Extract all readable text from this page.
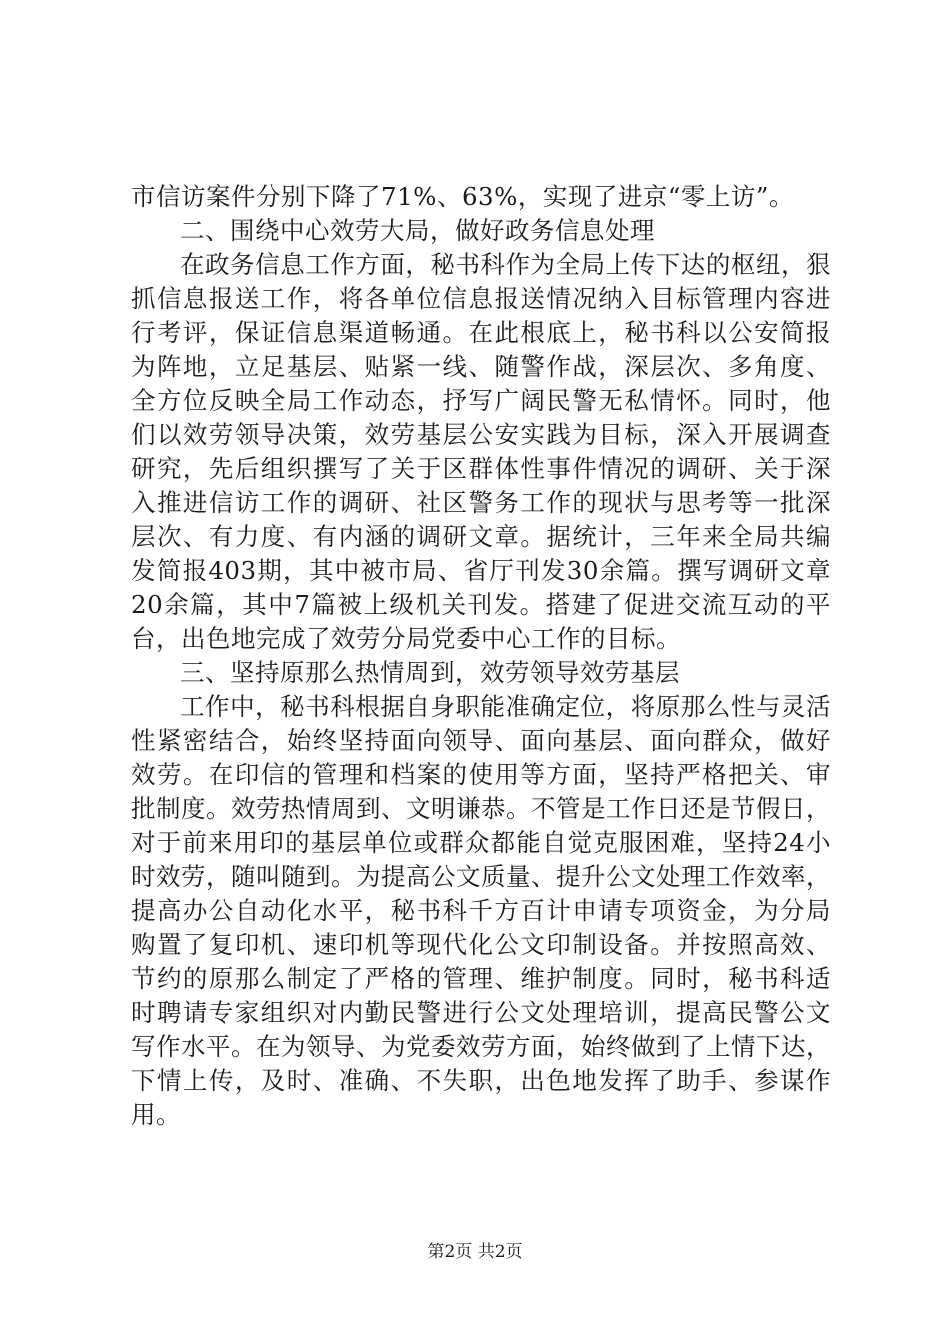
市信访案件分别下降了71%、63%，实现了进京“零上访”。
二、围绕中心效劳大局，做好政务信息处理
在政务信息工作方面，秘书科作为全局上传下达的枢纽，狠
抓信息报送工作，将各单位信息报送情况纳入目标管理内容进
行考评，保证信息渠道畅通。在此根底上，秘书科以公安简报
为阵地，立足基层、贴紧一线、随警作战，深层次、多角度、
全方位反映全局工作动态，抒写广阔民警无私情怀。同时，他
们以效劳领导决策，效劳基层公安实践为目标，深入开展调查
研究，先后组织撰写了关于区群体性事件情况的调研、关于深
入推进信访工作的调研、社区警务工作的现状与思考等一批深
层次、有力度、有内涵的调研文章。据统计，三年来全局共编
发简报403期，其中被市局、省厅刊发30余篇。撰写调研文章
20余篇，其中7篇被上级机关刊发。搭建了促进交流互动的平
台，出色地完成了效劳分局党委中心工作的目标。
三、坚持原那么热情周到，效劳领导效劳基层
工作中，秘书科根据自身职能准确定位，将原那么性与灵活
性紧密结合，始终坚持面向领导、面向基层、面向群众，做好
效劳。在印信的管理和档案的使用等方面，坚持严格把关、审
批制度。效劳热情周到、文明谦恭。不管是工作日还是节假日，
对于前来用印的基层单位或群众都能自觉克服困难，坚持24小
时效劳，随叫随到。为提高公文质量、提升公文处理工作效率，
提高办公自动化水平，秘书科千方百计申请专项资金，为分局
购置了复印机、速印机等现代化公文印制设备。并按照高效、
节约的原那么制定了严格的管理、维护制度。同时，秘书科适
时聘请专家组织对内勤民警进行公文处理培训，提高民警公文
写作水平。在为领导、为党委效劳方面，始终做到了上情下达，
下情上传，及时、准确、不失职，出色地发挥了助手、参谋作
用。
第2页 共2页
